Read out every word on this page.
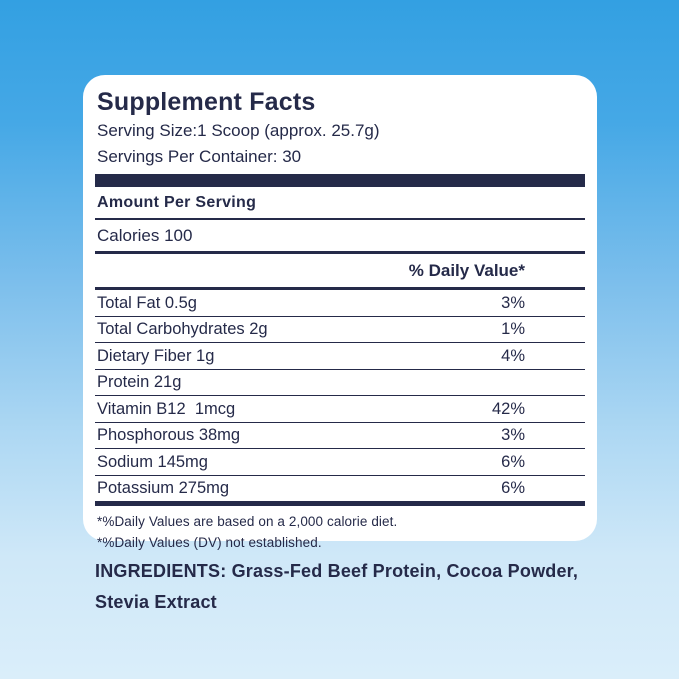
Supplement Facts
Serving Size:1 Scoop (approx. 25.7g)
Servings Per Container: 30
Amount Per Serving
Calories 100
% Daily Value*
Total Fat 0.5g	3%
Total Carbohydrates 2g	1%
Dietary Fiber 1g	4%
Protein 21g
Vitamin B12  1mcg	42%
Phosphorous 38mg	3%
Sodium 145mg	6%
Potassium 275mg	6%
*%Daily Values are based on a 2,000 calorie diet.
*%Daily Values (DV) not established.
INGREDIENTS: Grass-Fed Beef Protein, Cocoa Powder, Stevia Extract
